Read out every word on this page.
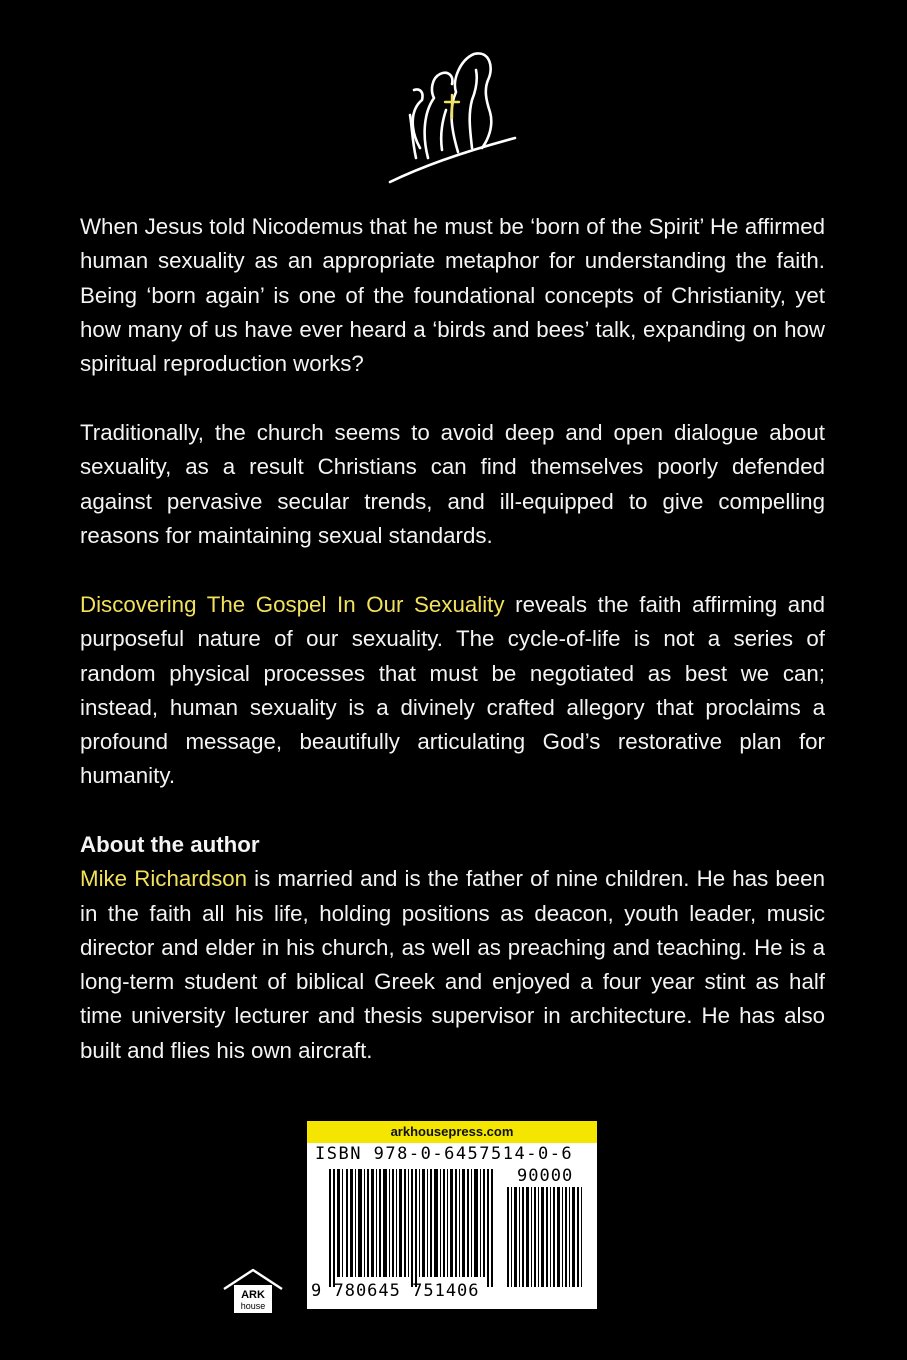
When Jesus told Nicodemus that he must be ‘born of the Spirit’ He affirmed human sexuality as an appropriate metaphor for understanding the faith. Being ‘born again’ is one of the foundational concepts of Christianity, yet how many of us have ever heard a ‘birds and bees’ talk, expanding on how spiritual reproduction works?
Traditionally, the church seems to avoid deep and open dialogue about sexuality, as a result Christians can find themselves poorly defended against pervasive secular trends, and ill-equipped to give compelling reasons for maintaining sexual standards.
Discovering The Gospel In Our Sexuality reveals the faith affirming and purposeful nature of our sexuality. The cycle-of-life is not a series of random physical processes that must be negotiated as best we can; instead, human sexuality is a divinely crafted allegory that proclaims a profound message, beautifully articulating God’s restorative plan for humanity.
About the author
Mike Richardson is married and is the father of nine children. He has been in the faith all his life, holding positions as deacon, youth leader, music director and elder in his church, as well as preaching and teaching. He is a long-term student of biblical Greek and enjoyed a four year stint as half time university lecturer and thesis supervisor in architecture. He has also built and flies his own aircraft.
arkhousepress.com
ISBN 978-0-6457514-0-6
90000
9 780645 751406
ARK
house
